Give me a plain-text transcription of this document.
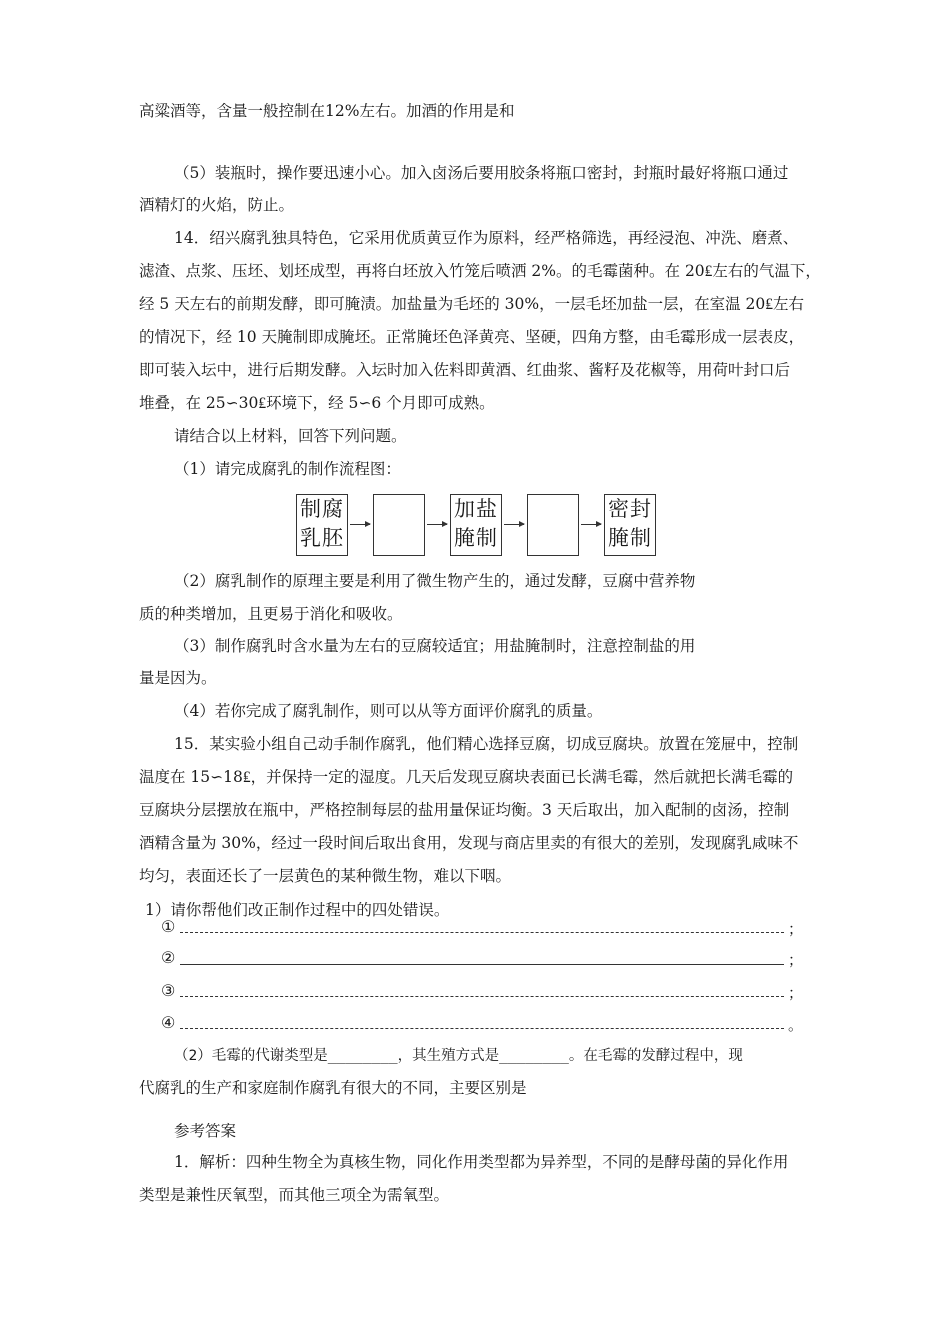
高粱酒等，含量一般控制在12%左右。加酒的作用是和
（5）装瓶时，操作要迅速小心。加入卤汤后要用胶条将瓶口密封，封瓶时最好将瓶口通过
酒精灯的火焰，防止。
14．绍兴腐乳独具特色，它采用优质黄豆作为原料，经严格筛选，再经浸泡、冲洗、磨煮、
滤渣、点浆、压坯、划坯成型，再将白坯放入竹笼后喷洒 2%。的毛霉菌种。在 20₤左右的气温下，
经 5 天左右的前期发酵，即可腌渍。加盐量为毛坯的 30%，一层毛坯加盐一层，在室温 20₤左右
的情况下，经 10 天腌制即成腌坯。正常腌坯色泽黄亮、坚硬，四角方整，由毛霉形成一层表皮，
即可装入坛中，进行后期发酵。入坛时加入佐料即黄酒、红曲浆、酱籽及花椒等，用荷叶封口后
堆叠，在 25∽30₤环境下，经 5∽6 个月即可成熟。
请结合以上材料，回答下列问题。
（1）请完成腐乳的制作流程图：
制腐
乳胚
加盐
腌制
密封
腌制
（2）腐乳制作的原理主要是利用了微生物产生的，通过发酵，豆腐中营养物
质的种类增加，且更易于消化和吸收。
（3）制作腐乳时含水量为左右的豆腐较适宜；用盐腌制时，注意控制盐的用
量是因为。
（4）若你完成了腐乳制作，则可以从等方面评价腐乳的质量。
15．某实验小组自己动手制作腐乳，他们精心选择豆腐，切成豆腐块。放置在笼屉中，控制
温度在 15∽18₤，并保持一定的湿度。几天后发现豆腐块表面已长满毛霉，然后就把长满毛霉的
豆腐块分层摆放在瓶中，严格控制每层的盐用量保证均衡。3 天后取出，加入配制的卤汤，控制
酒精含量为 30%，经过一段时间后取出食用，发现与商店里卖的有很大的差别，发现腐乳咸味不
均匀，表面还长了一层黄色的某种微生物，难以下咽。
1）请你帮他们改正制作过程中的四处错误。
①	；
②	；
③	；
④	。
（2）毛霉的代谢类型是________，其生殖方式是________。在毛霉的发酵过程中，现
代腐乳的生产和家庭制作腐乳有很大的不同，主要区别是
参考答案
1．解析：四种生物全为真核生物，同化作用类型都为异养型，不同的是酵母菌的异化作用
类型是兼性厌氧型，而其他三项全为需氧型。
